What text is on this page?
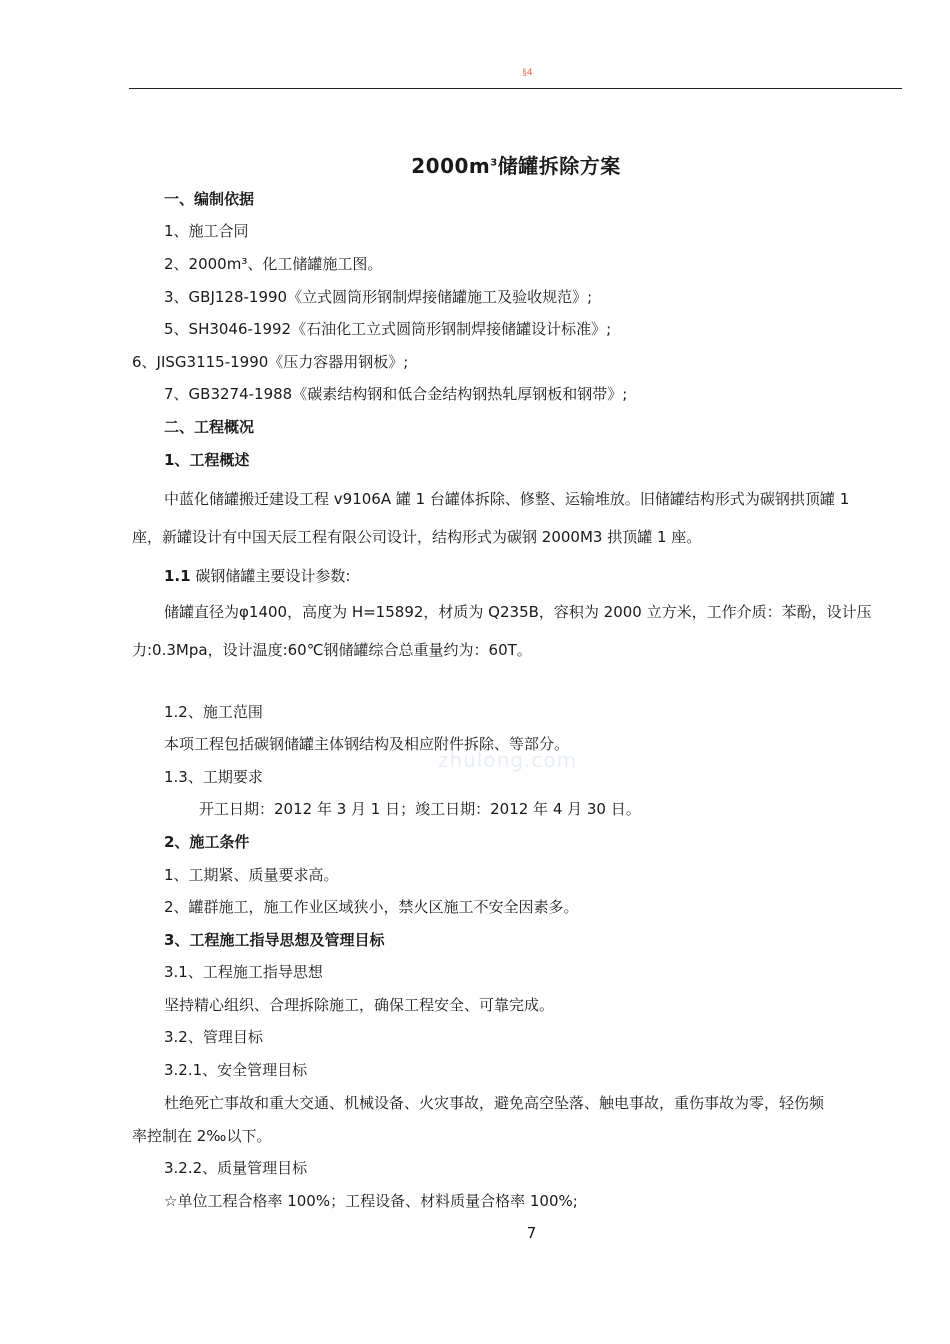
§4
$2000m^3$储罐拆除方案
zhulong.com
一、编制依据
1、施工合同
2、2000m³、化工储罐施工图。
3、GBJ128-1990《立式圆筒形钢制焊接储罐施工及验收规范》;
5、SH3046-1992《石油化工立式圆筒形钢制焊接储罐设计标准》;
6、JISG3115-1990《压力容器用钢板》;
7、GB3274-1988《碳素结构钢和低合金结构钢热轧厚钢板和钢带》;
二、工程概况
1、工程概述
中蓝化储罐搬迁建设工程 v9106A 罐 1 台罐体拆除、修整、运输堆放。旧储罐结构形式为碳钢拱顶罐 1
座，新罐设计有中国天辰工程有限公司设计，结构形式为碳钢 2000M3 拱顶罐 1 座。
1.1 碳钢储罐主要设计参数:
储罐直径为φ1400，高度为 H=15892，材质为 Q235B，容积为 2000 立方米，工作介质：苯酚，设计压
力:0.3Mpa，设计温度:60℃钢储罐综合总重量约为：60T。
1.2、施工范围
本项工程包括碳钢储罐主体钢结构及相应附件拆除、等部分。
1.3、工期要求
开工日期：2012 年 3 月 1 日；竣工日期：2012 年 4 月 30 日。
2、施工条件
1、工期紧、质量要求高。
2、罐群施工，施工作业区域狭小，禁火区施工不安全因素多。
3、工程施工指导思想及管理目标
3.1、工程施工指导思想
坚持精心组织、合理拆除施工，确保工程安全、可靠完成。
3.2、管理目标
3.2.1、安全管理目标
杜绝死亡事故和重大交通、机械设备、火灾事故，避免高空坠落、触电事故，重伤事故为零，轻伤频
率控制在 2‰以下。
3.2.2、质量管理目标
☆单位工程合格率 100%；工程设备、材料质量合格率 100%;
7
